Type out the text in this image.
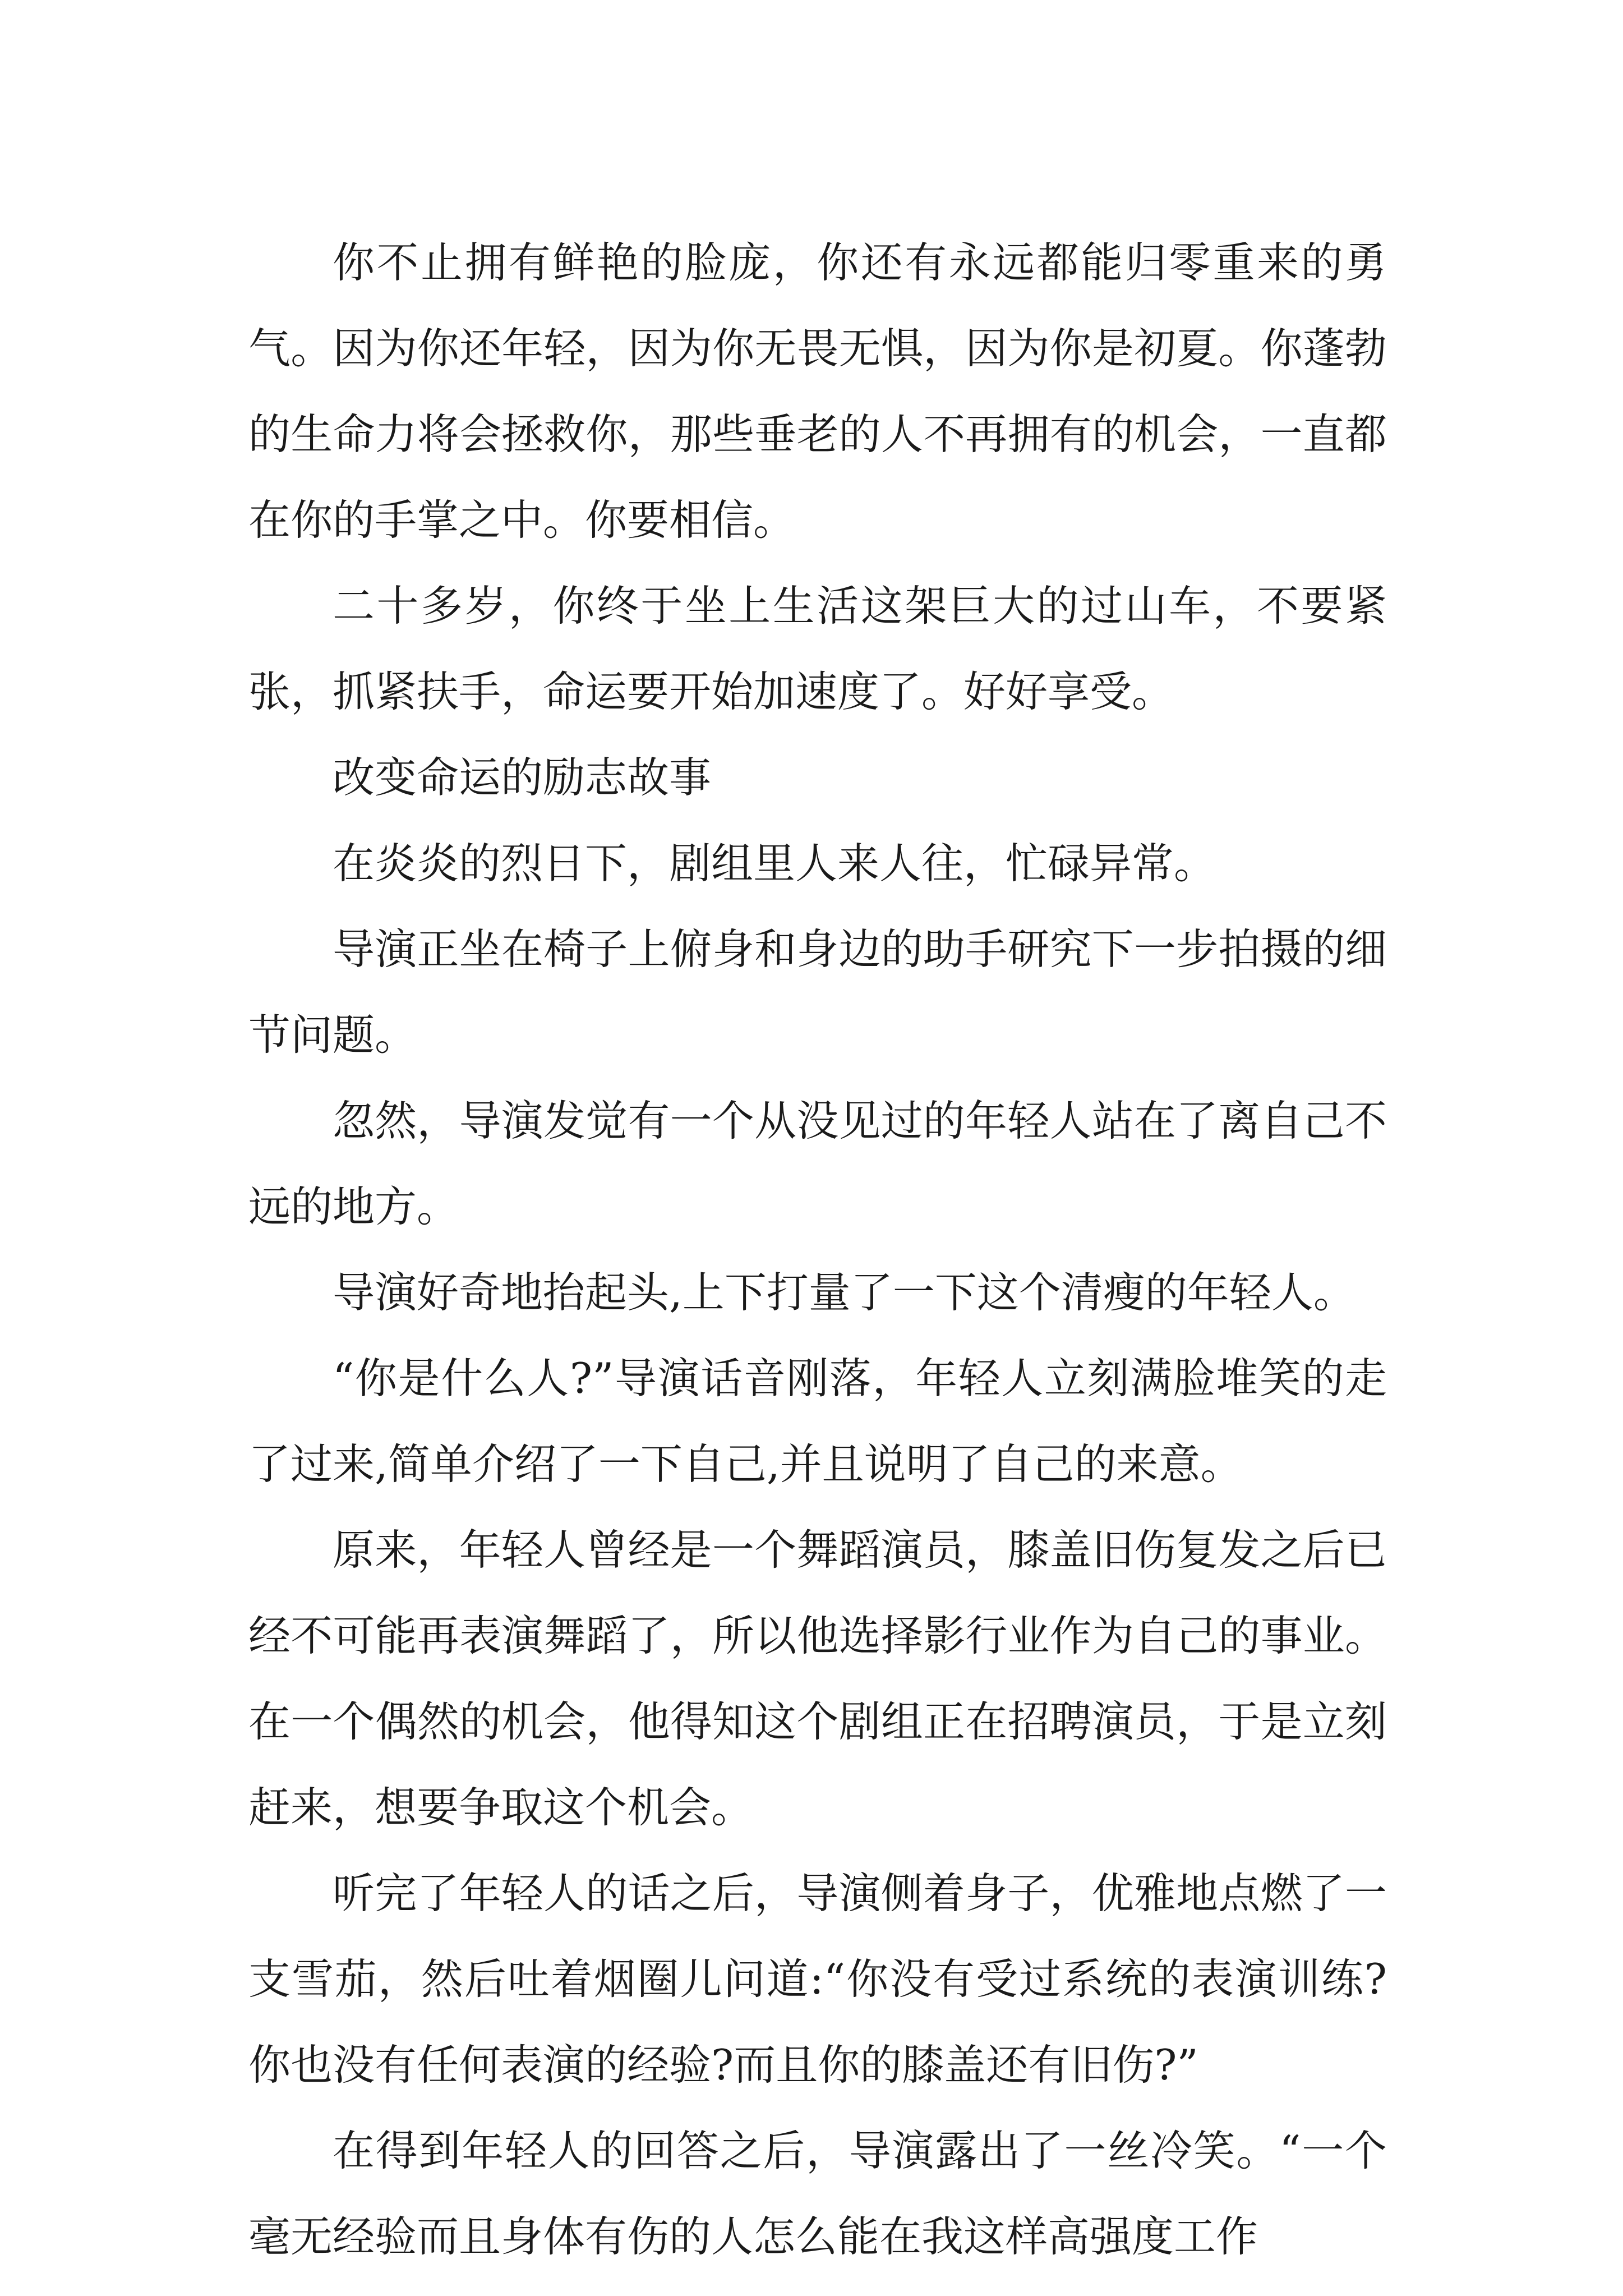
你不止拥有鲜艳的脸庞，你还有永远都能归零重来的勇气。因为你还年轻，因为你无畏无惧，因为你是初夏。你蓬勃的生命力将会拯救你，那些垂老的人不再拥有的机会，一直都在你的手掌之中。你要相信。

二十多岁，你终于坐上生活这架巨大的过山车，不要紧张，抓紧扶手，命运要开始加速度了。好好享受。

改变命运的励志故事

在炎炎的烈日下，剧组里人来人往，忙碌异常。

导演正坐在椅子上俯身和身边的助手研究下一步拍摄的细节问题。

忽然，导演发觉有一个从没见过的年轻人站在了离自己不远的地方。

导演好奇地抬起头,上下打量了一下这个清瘦的年轻人。

“你是什么人?”导演话音刚落，年轻人立刻满脸堆笑的走了过来,简单介绍了一下自己,并且说明了自己的来意。

原来，年轻人曾经是一个舞蹈演员，膝盖旧伤复发之后已经不可能再表演舞蹈了，所以他选择影行业作为自己的事业。在一个偶然的机会，他得知这个剧组正在招聘演员，于是立刻赶来，想要争取这个机会。

听完了年轻人的话之后，导演侧着身子，优雅地点燃了一支雪茄，然后吐着烟圈儿问道:“你没有受过系统的表演训练?你也没有任何表演的经验?而且你的膝盖还有旧伤?”

在得到年轻人的回答之后，导演露出了一丝冷笑。“一个毫无经验而且身体有伤的人怎么能在我这样高强度工作
